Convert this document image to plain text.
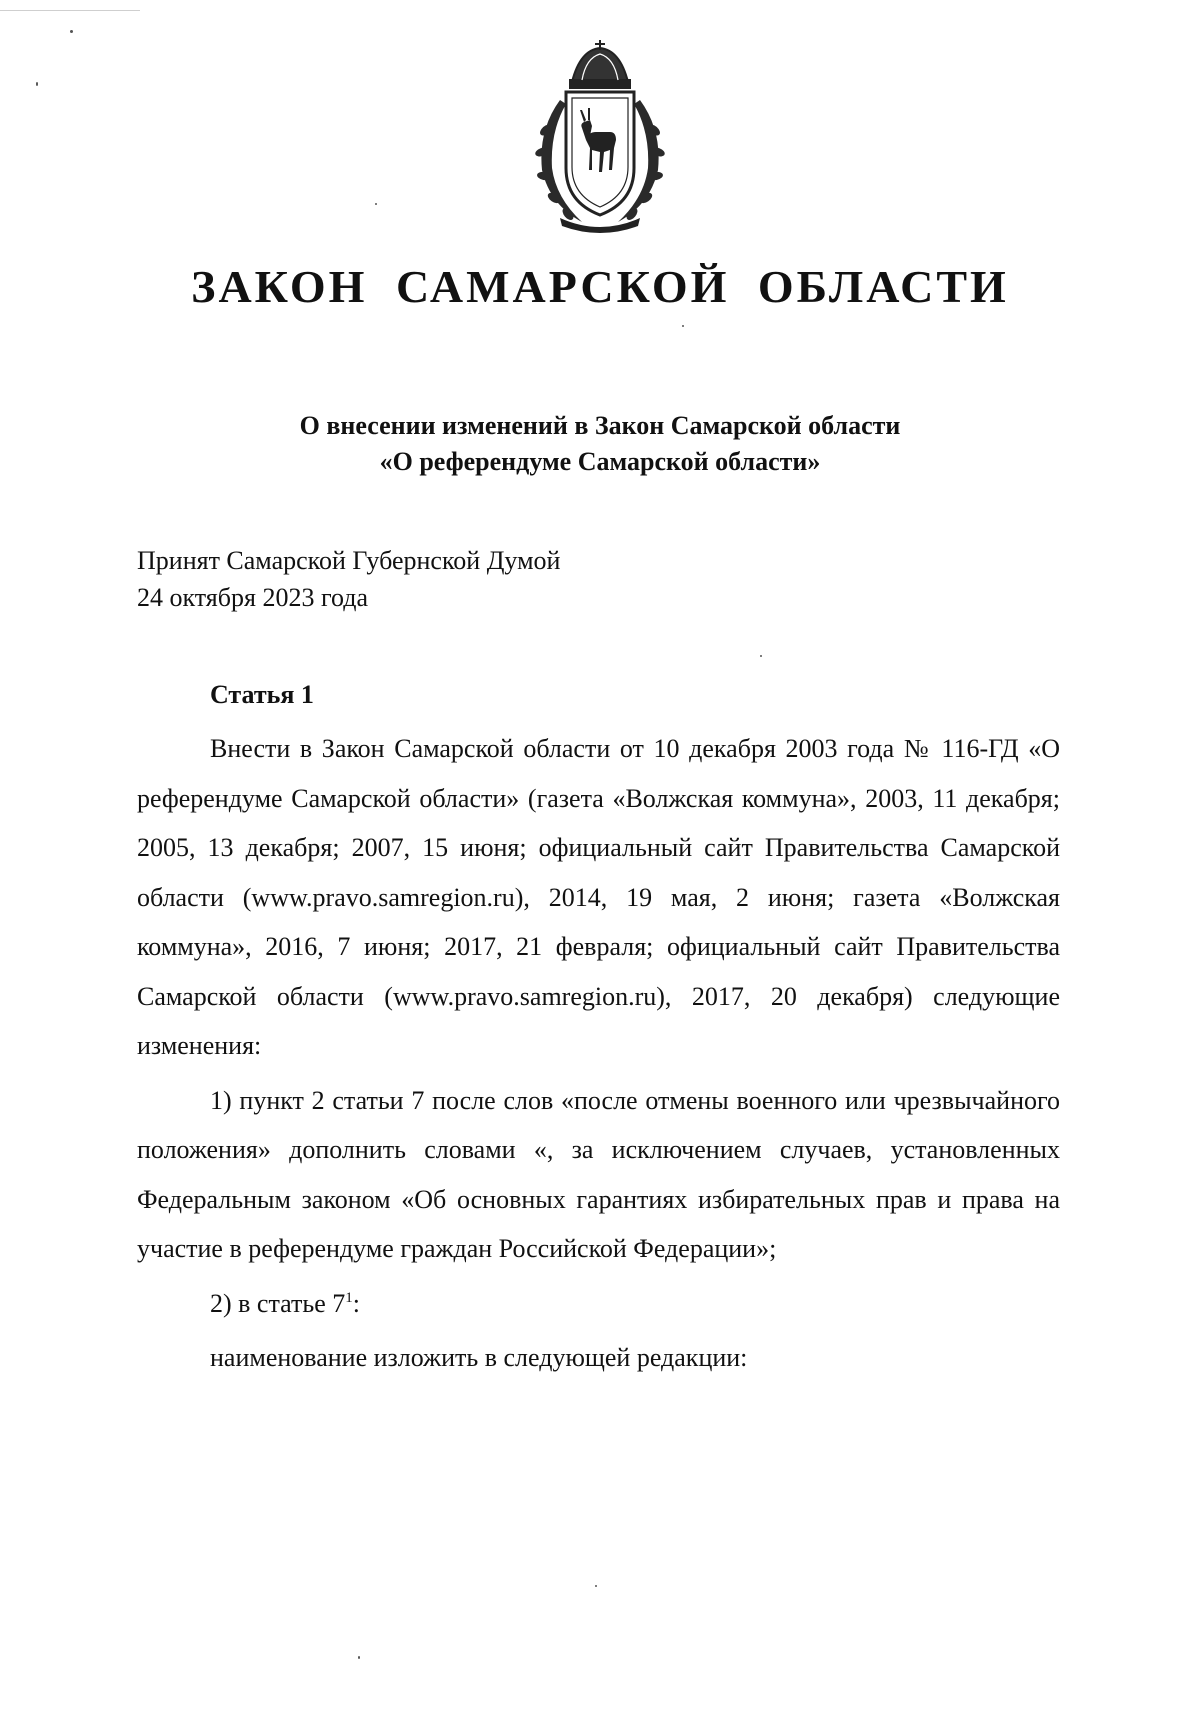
ЗАКОН САМАРСКОЙ ОБЛАСТИ
О внесении изменений в Закон Самарской области
«О референдуме Самарской области»
Принят Самарской Губернской Думой
24 октября 2023 года
Статья 1
Внести в Закон Самарской области от 10 декабря 2003 года № 116-ГД «О референдуме Самарской области» (газета «Волжская коммуна», 2003, 11 декабря; 2005, 13 декабря; 2007, 15 июня; официальный сайт Правительства Самарской области (www.pravo.samregion.ru), 2014, 19 мая, 2 июня; газета «Волжская коммуна», 2016, 7 июня; 2017, 21 февраля; официальный сайт Правительства Самарской области (www.pravo.samregion.ru), 2017, 20 декабря) следующие изменения:
1) пункт 2 статьи 7 после слов «после отмены военного или чрезвычайного положения» дополнить словами «, за исключением случаев, установленных Федеральным законом «Об основных гарантиях избирательных прав и права на участие в референдуме граждан Российской Федерации»;
2) в статье $7^1$:
наименование изложить в следующей редакции:
